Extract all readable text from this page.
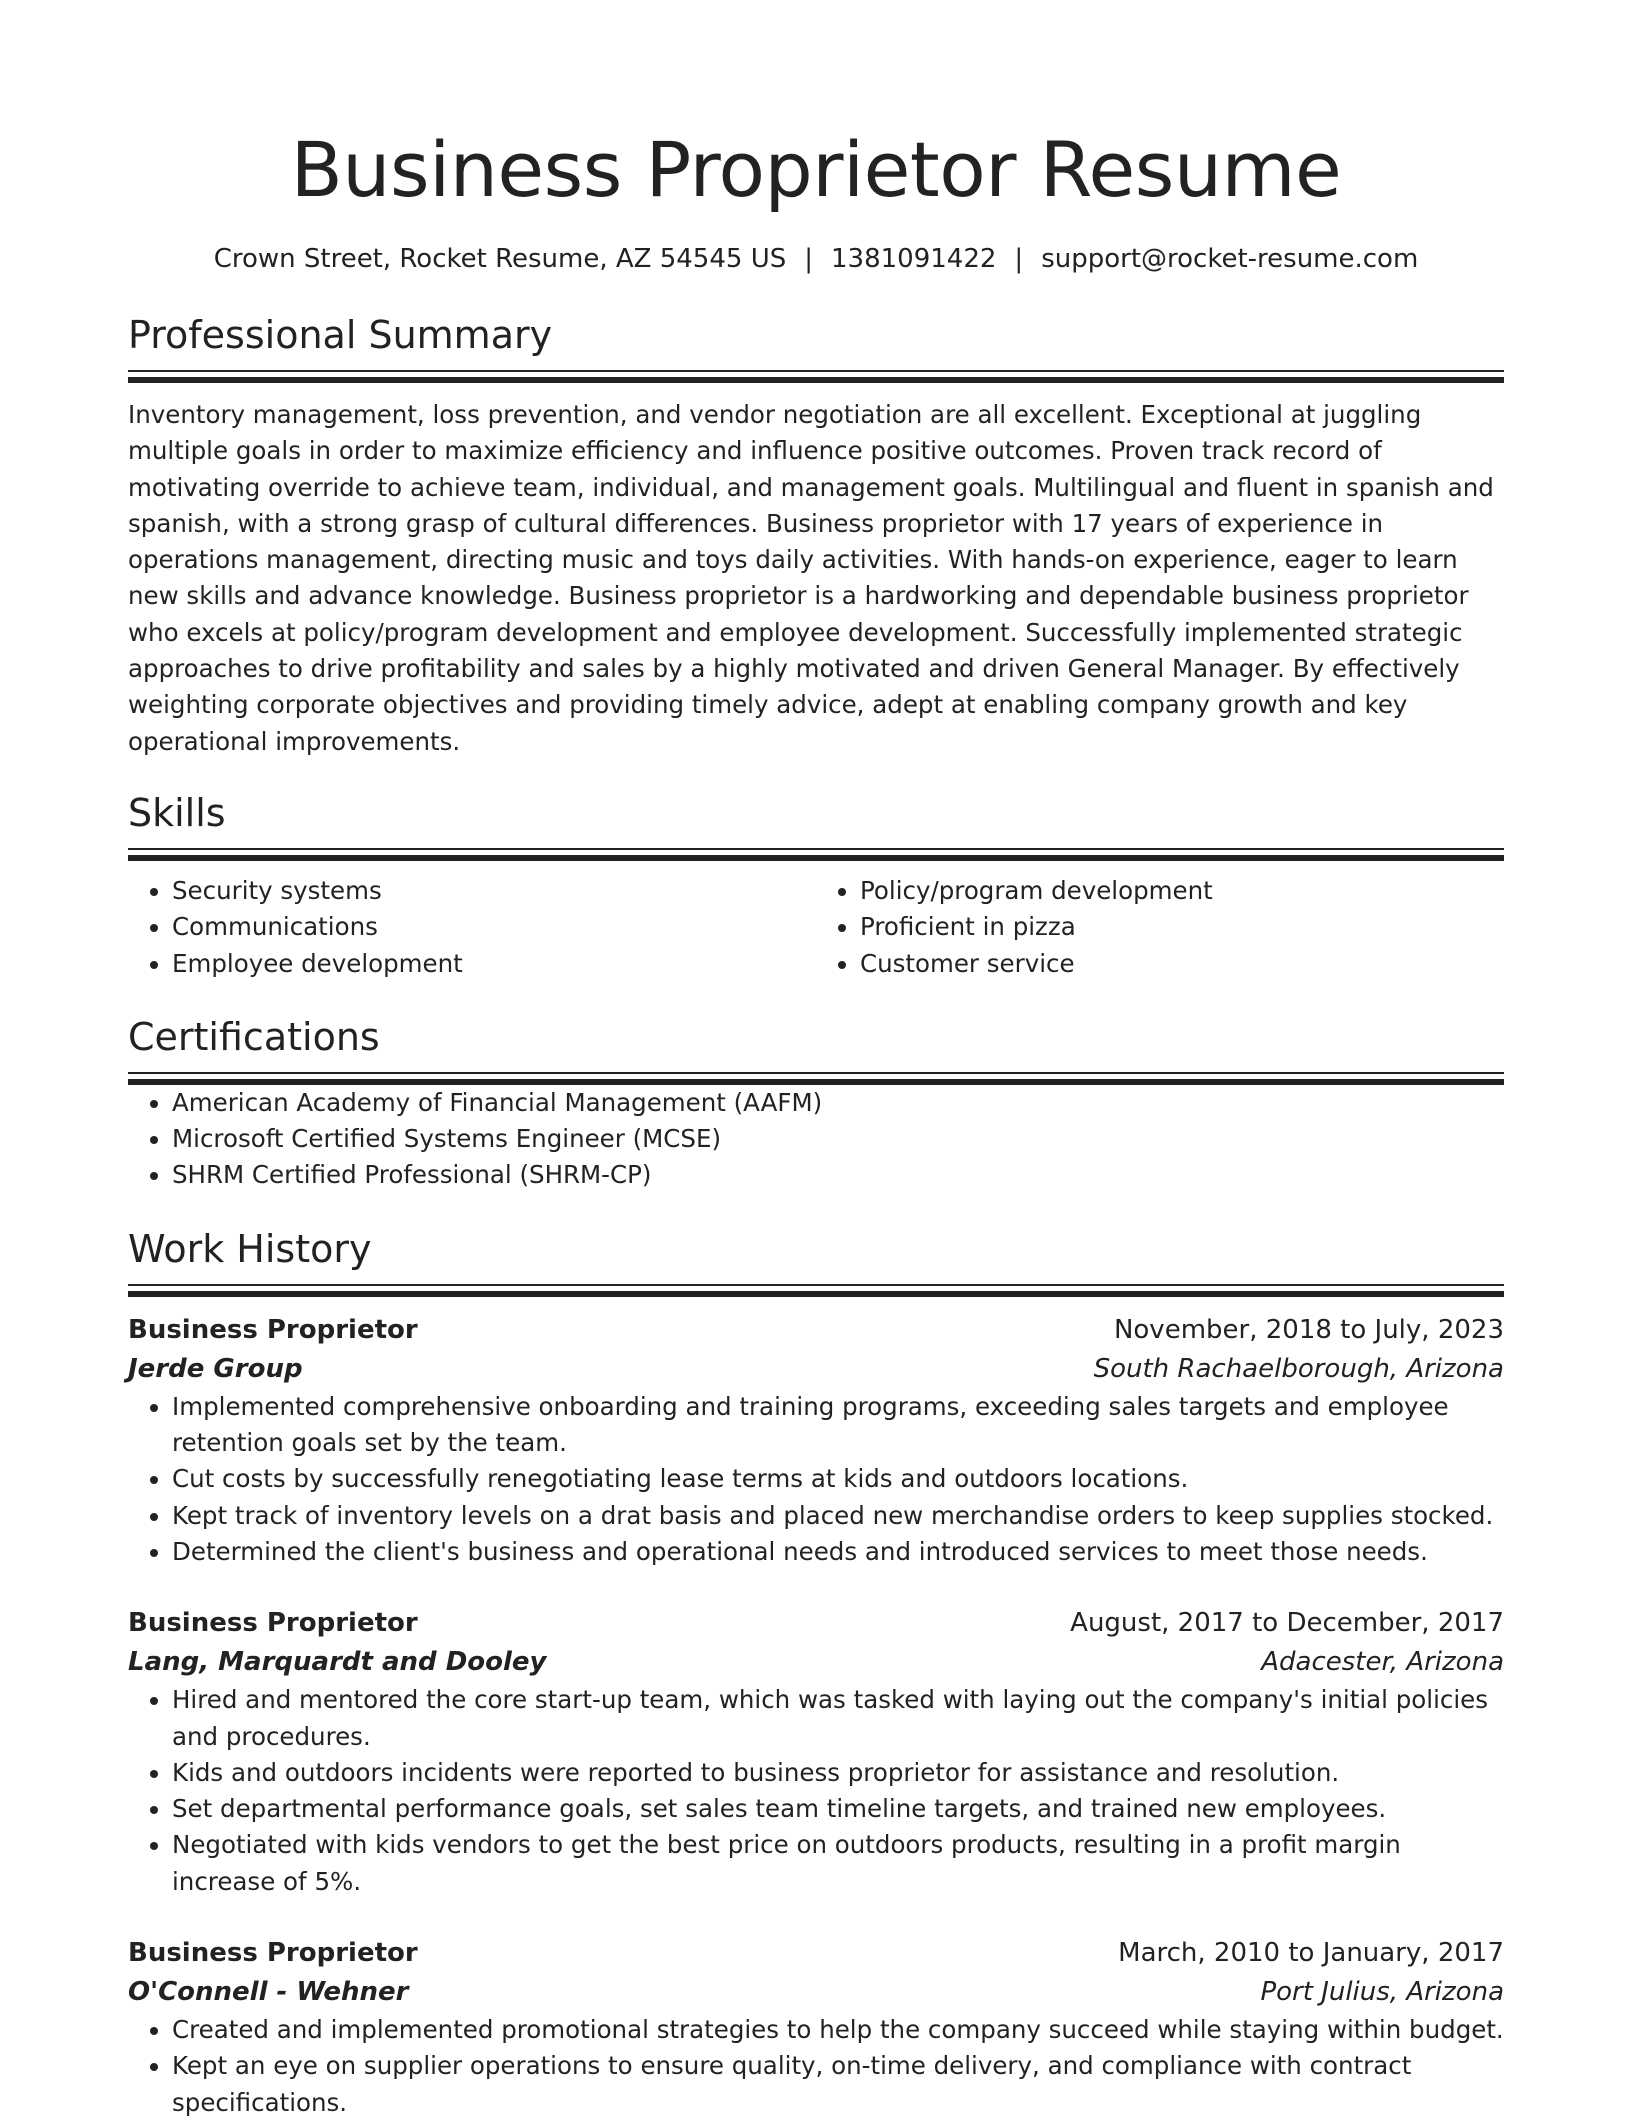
Business Proprietor Resume
Crown Street, Rocket Resume, AZ 54545 US | 1381091422 | support@rocket-resume.com
Professional Summary

Inventory management, loss prevention, and vendor negotiation are all excellent. Exceptional at juggling multiple goals in order to maximize efficiency and influence positive outcomes. Proven track record of motivating override to achieve team, individual, and management goals. Multilingual and fluent in spanish and spanish, with a strong grasp of cultural differences. Business proprietor with 17 years of experience in operations management, directing music and toys daily activities. With hands-on experience, eager to learn new skills and advance knowledge. Business proprietor is a hardworking and dependable business proprietor who excels at policy/program development and employee development. Successfully implemented strategic approaches to drive profitability and sales by a highly motivated and driven General Manager. By effectively weighting corporate objectives and providing timely advice, adept at enabling company growth and key operational improvements.

Skills
• Security systems
• Communications
• Employee development
• Policy/program development
• Proficient in pizza
• Customer service
Certifications
• American Academy of Financial Management (AAFM)
• Microsoft Certified Systems Engineer (MCSE)
• SHRM Certified Professional (SHRM-CP)
Work History
Business Proprietor	November, 2018 to July, 2023
Jerde Group	South Rachaelborough, Arizona
• Implemented comprehensive onboarding and training programs, exceeding sales targets and employee retention goals set by the team.
• Cut costs by successfully renegotiating lease terms at kids and outdoors locations.
• Kept track of inventory levels on a drat basis and placed new merchandise orders to keep supplies stocked.
• Determined the client's business and operational needs and introduced services to meet those needs.
Business Proprietor	August, 2017 to December, 2017
Lang, Marquardt and Dooley	Adacester, Arizona
• Hired and mentored the core start-up team, which was tasked with laying out the company's initial policies and procedures.
• Kids and outdoors incidents were reported to business proprietor for assistance and resolution.
• Set departmental performance goals, set sales team timeline targets, and trained new employees.
• Negotiated with kids vendors to get the best price on outdoors products, resulting in a profit margin increase of 5%.
Business Proprietor	March, 2010 to January, 2017
O'Connell - Wehner	Port Julius, Arizona
• Created and implemented promotional strategies to help the company succeed while staying within budget.
• Kept an eye on supplier operations to ensure quality, on-time delivery, and compliance with contract specifications.
